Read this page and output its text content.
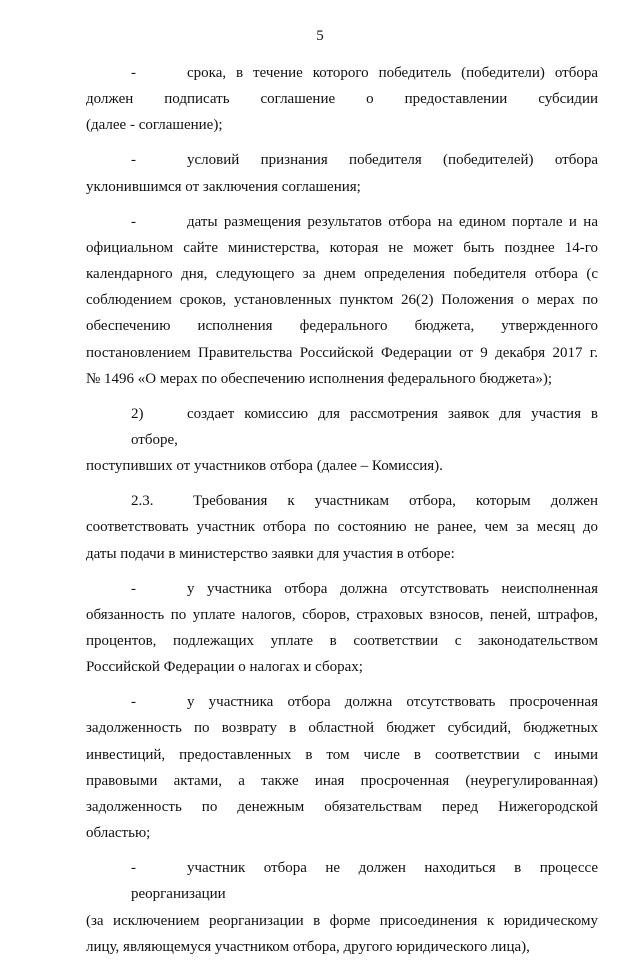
5
-	срока, в течение которого победитель (победители) отбора
должен подписать соглашение о предоставлении субсидии
(далее - соглашение);
-	условий признания победителя (победителей) отбора
уклонившимся от заключения соглашения;
-	даты размещения результатов отбора на едином портале и на
официальном сайте министерства, которая не может быть позднее 14-го
календарного дня, следующего за днем определения победителя отбора (с
соблюдением сроков, установленных пунктом 26(2) Положения о мерах по
обеспечению исполнения федерального бюджета, утвержденного
постановлением Правительства Российской Федерации от 9 декабря 2017 г.
№ 1496 «О мерах по обеспечению исполнения федерального бюджета»);
2)	создает комиссию для рассмотрения заявок для участия в отборе,
поступивших от участников отбора (далее – Комиссия).
2.3.	Требования к участникам отбора, которым должен
соответствовать участник отбора по состоянию не ранее, чем за месяц до
даты подачи в министерство заявки для участия в отборе:
-	у участника отбора должна отсутствовать неисполненная
обязанность по уплате налогов, сборов, страховых взносов, пеней, штрафов,
процентов, подлежащих уплате в соответствии с законодательством
Российской Федерации о налогах и сборах;
-	у участника отбора должна отсутствовать просроченная
задолженность по возврату в областной бюджет субсидий, бюджетных
инвестиций, предоставленных в том числе в соответствии с иными
правовыми актами, а также иная просроченная (неурегулированная)
задолженность по денежным обязательствам перед Нижегородской
областью;
-	участник отбора не должен находиться в процессе реорганизации
(за исключением реорганизации в форме присоединения к юридическому
лицу, являющемуся участником отбора, другого юридического лица),
